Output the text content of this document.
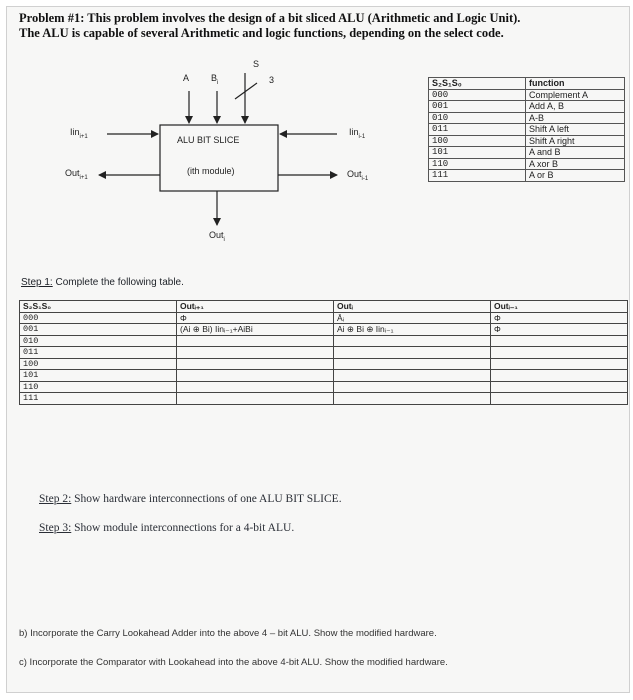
Problem #1: This problem involves the design of a bit sliced ALU (Arithmetic and Logic Unit).
The ALU is capable of several Arithmetic and logic functions, depending on the select code.
A $B_i$
S
3
ALU BIT SLICE
(ith module)
Iin$_{i+1}$
Out$_{i+1}$
Iin$_{i-1}$
Out$_{i-1}$
Out$_i$
S₂S₁S₀	function
000	Complement A
001	Add A, B
010	A-B
011	Shift A left
100	Shift A right
101	A and B
110	A xor B
111	A or B
Step 1: Complete the following table.
S₂S₁S₀	Outᵢ₊₁	Outᵢ	Outᵢ₋₁
000	Φ	Āᵢ	Φ
001	(Ai ⊕ Bi) Iinᵢ₋₁+AiBi	Ai ⊕ Bi ⊕ Iinᵢ₋₁	Φ
010			
011			
100			
101			
110			
111			
Step 2: Show hardware interconnections of one ALU BIT SLICE.
Step 3: Show module interconnections for a 4-bit ALU.
b) Incorporate the Carry Lookahead Adder into the above 4 – bit ALU. Show the modified hardware.
c) Incorporate the Comparator with Lookahead into the above 4-bit ALU. Show the modified hardware.
